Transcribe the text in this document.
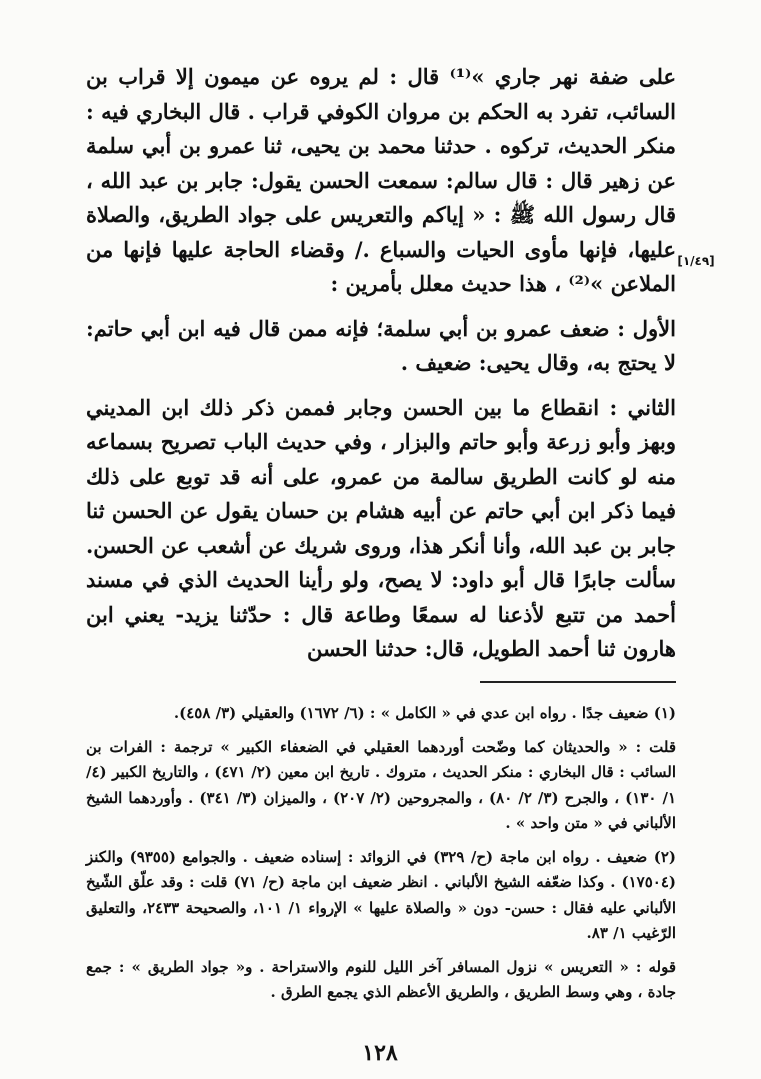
على ضفة نهر جاري »⁽¹⁾ قال : لم يروه عن ميمون إلا قراب بن السائب، تفرد به الحكم بن مروان الكوفي قراب . قال البخاري فيه : منكر الحديث، تركوه . حدثنا محمد بن يحيى، ثنا عمرو بن أبي سلمة عن زهير قال : قال سالم: سمعت الحسن يقول: جابر بن عبد الله ، قال رسول الله ﷺ : « إياكم والتعريس على جواد الطريق، والصلاة عليها، فإنها مأوى الحيات والسباع ‌./ وقضاء الحاجة عليها فإنها من الملاعن »⁽²⁾ ، هذا حديث معلل بأمرين :

الأول : ضعف عمرو بن أبي سلمة؛ فإنه ممن قال فيه ابن أبي حاتم: لا يحتج به، وقال يحيى: ضعيف .

الثاني : انقطاع ما بين الحسن وجابر فممن ذكر ذلك ابن المديني وبهز وأبو زرعة وأبو حاتم والبزار ، وفي حديث الباب تصريح بسماعه منه لو كانت الطريق سالمة من عمرو، على أنه قد توبع على ذلك فيما ذكر ابن أبي حاتم عن أبيه هشام بن حسان يقول عن الحسن ثنا جابر بن عبد الله، وأنا أنكر هذا، وروى شريك عن أشعب عن الحسن. سألت جابرًا قال أبو داود: لا يصح، ولو رأينا الحديث الذي في مسند أحمد من تتبع لأذعنا له سمعًا وطاعة قال : حدّثنا يزيد- يعني ابن هارون ثنا أحمد الطويل، قال: حدثنا الحسن

[١/٤٩]

(١) ضعيف جدًا . رواه ابن عدي في « الكامل » : (٦/ ١٦٧٢) والعقيلي (٣/ ٤٥٨).

قلت : « والحديثان كما وضّحت أوردهما العقيلي في الضعفاء الكبير » ترجمة : الفرات بن السائب : قال البخاري : منكر الحديث ، متروك . تاريخ ابن معين (٢/ ٤٧١) ، والتاريخ الكبير (٤/ ١/ ١٣٠) ، والجرح (٣/ ٢/ ٨٠) ، والمجروحين (٢/ ٢٠٧) ، والميزان (٣/ ٣٤١) . وأوردهما الشيخ الألباني في « متن واحد » .

(٢) ضعيف . رواه ابن ماجة (ح/ ٣٢٩) في الزوائد : إسناده ضعيف . والجوامع (٩٣٥٥) والكنز (١٧٥٠٤) . وكذا ضعّفه الشيخ الألباني . انظر ضعيف ابن ماجة (ح/ ٧١) قلت : وقد علّق الشّيخ الألباني عليه فقال : حسن- دون « والصلاة عليها » الإرواء ١/ ١٠١، والصحيحة ٢٤٣٣، والتعليق الرّغيب ١/ ٨٣.

قوله : « التعريس » نزول المسافر آخر الليل للنوم والاستراحة . و« جواد الطريق » : جمع جادة ، وهي وسط الطريق ، والطريق الأعظم الذي يجمع الطرق .

١٢٨
